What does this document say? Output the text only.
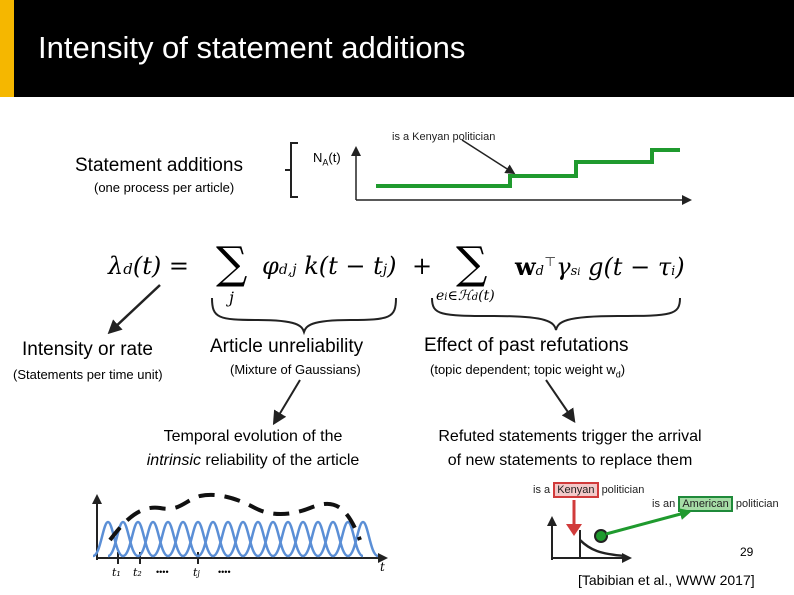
Intensity of statement additions
Statement additions
(one process per article)
$N_A(t)$
is a Kenyan politician
λd(t) = ∑
j
φd,j k(t − tj) + ∑
ei∈ℋd(t)
wd⊤γsi g(t − τi)
Intensity or rate
(Statements per time unit)
Article unreliability
(Mixture of Gaussians)
Temporal evolution of the
intrinsic reliability of the article
Effect of past refutations
(topic dependent; topic weight $w_d$)
Refuted statements trigger the arrival
of new statements to replace them
is a Kenyan politician
is an American politician
t₁ t₂ •••• tj ••••	t
29
[Tabibian et al., WWW 2017]
